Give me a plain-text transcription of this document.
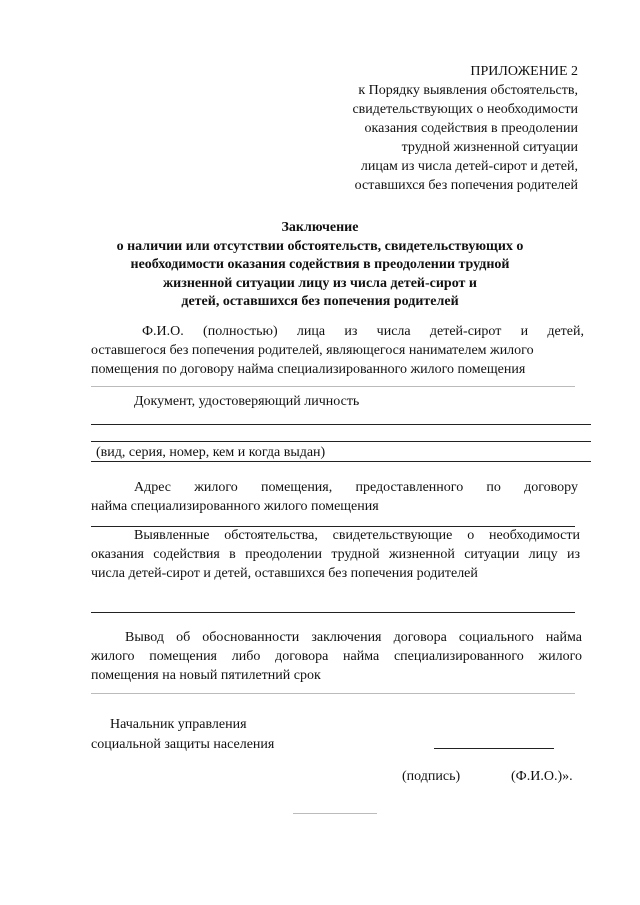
ПРИЛОЖЕНИЕ 2
к Порядку выявления обстоятельств,
свидетельствующих о необходимости
оказания содействия в преодолении
трудной жизненной ситуации
лицам из числа детей-сирот и детей,
оставшихся без попечения родителей
Заключение
о наличии или отсутствии обстоятельств, свидетельствующих о
необходимости оказания содействия в преодолении трудной
жизненной ситуации лицу из числа детей-сирот и
детей, оставшихся без попечения родителей
Ф.И.О. (полностью) лица из числа детей-сирот и детей,
оставшегося без попечения родителей, являющегося нанимателем жилого
помещения по договору найма специализированного жилого помещения
Документ, удостоверяющий личность
(вид, серия, номер, кем и когда выдан)
Адрес жилого помещения, предоставленного по договору
найма специализированного жилого помещения
Выявленные обстоятельства, свидетельствующие о необходимости
оказания содействия в преодолении трудной жизненной ситуации лицу из
числа детей-сирот и детей, оставшихся без попечения родителей
Вывод об обоснованности заключения договора социального найма
жилого помещения либо договора найма специализированного жилого
помещения на новый пятилетний срок
Начальник управления
социальной защиты населения
(подпись)	(Ф.И.О.)».
